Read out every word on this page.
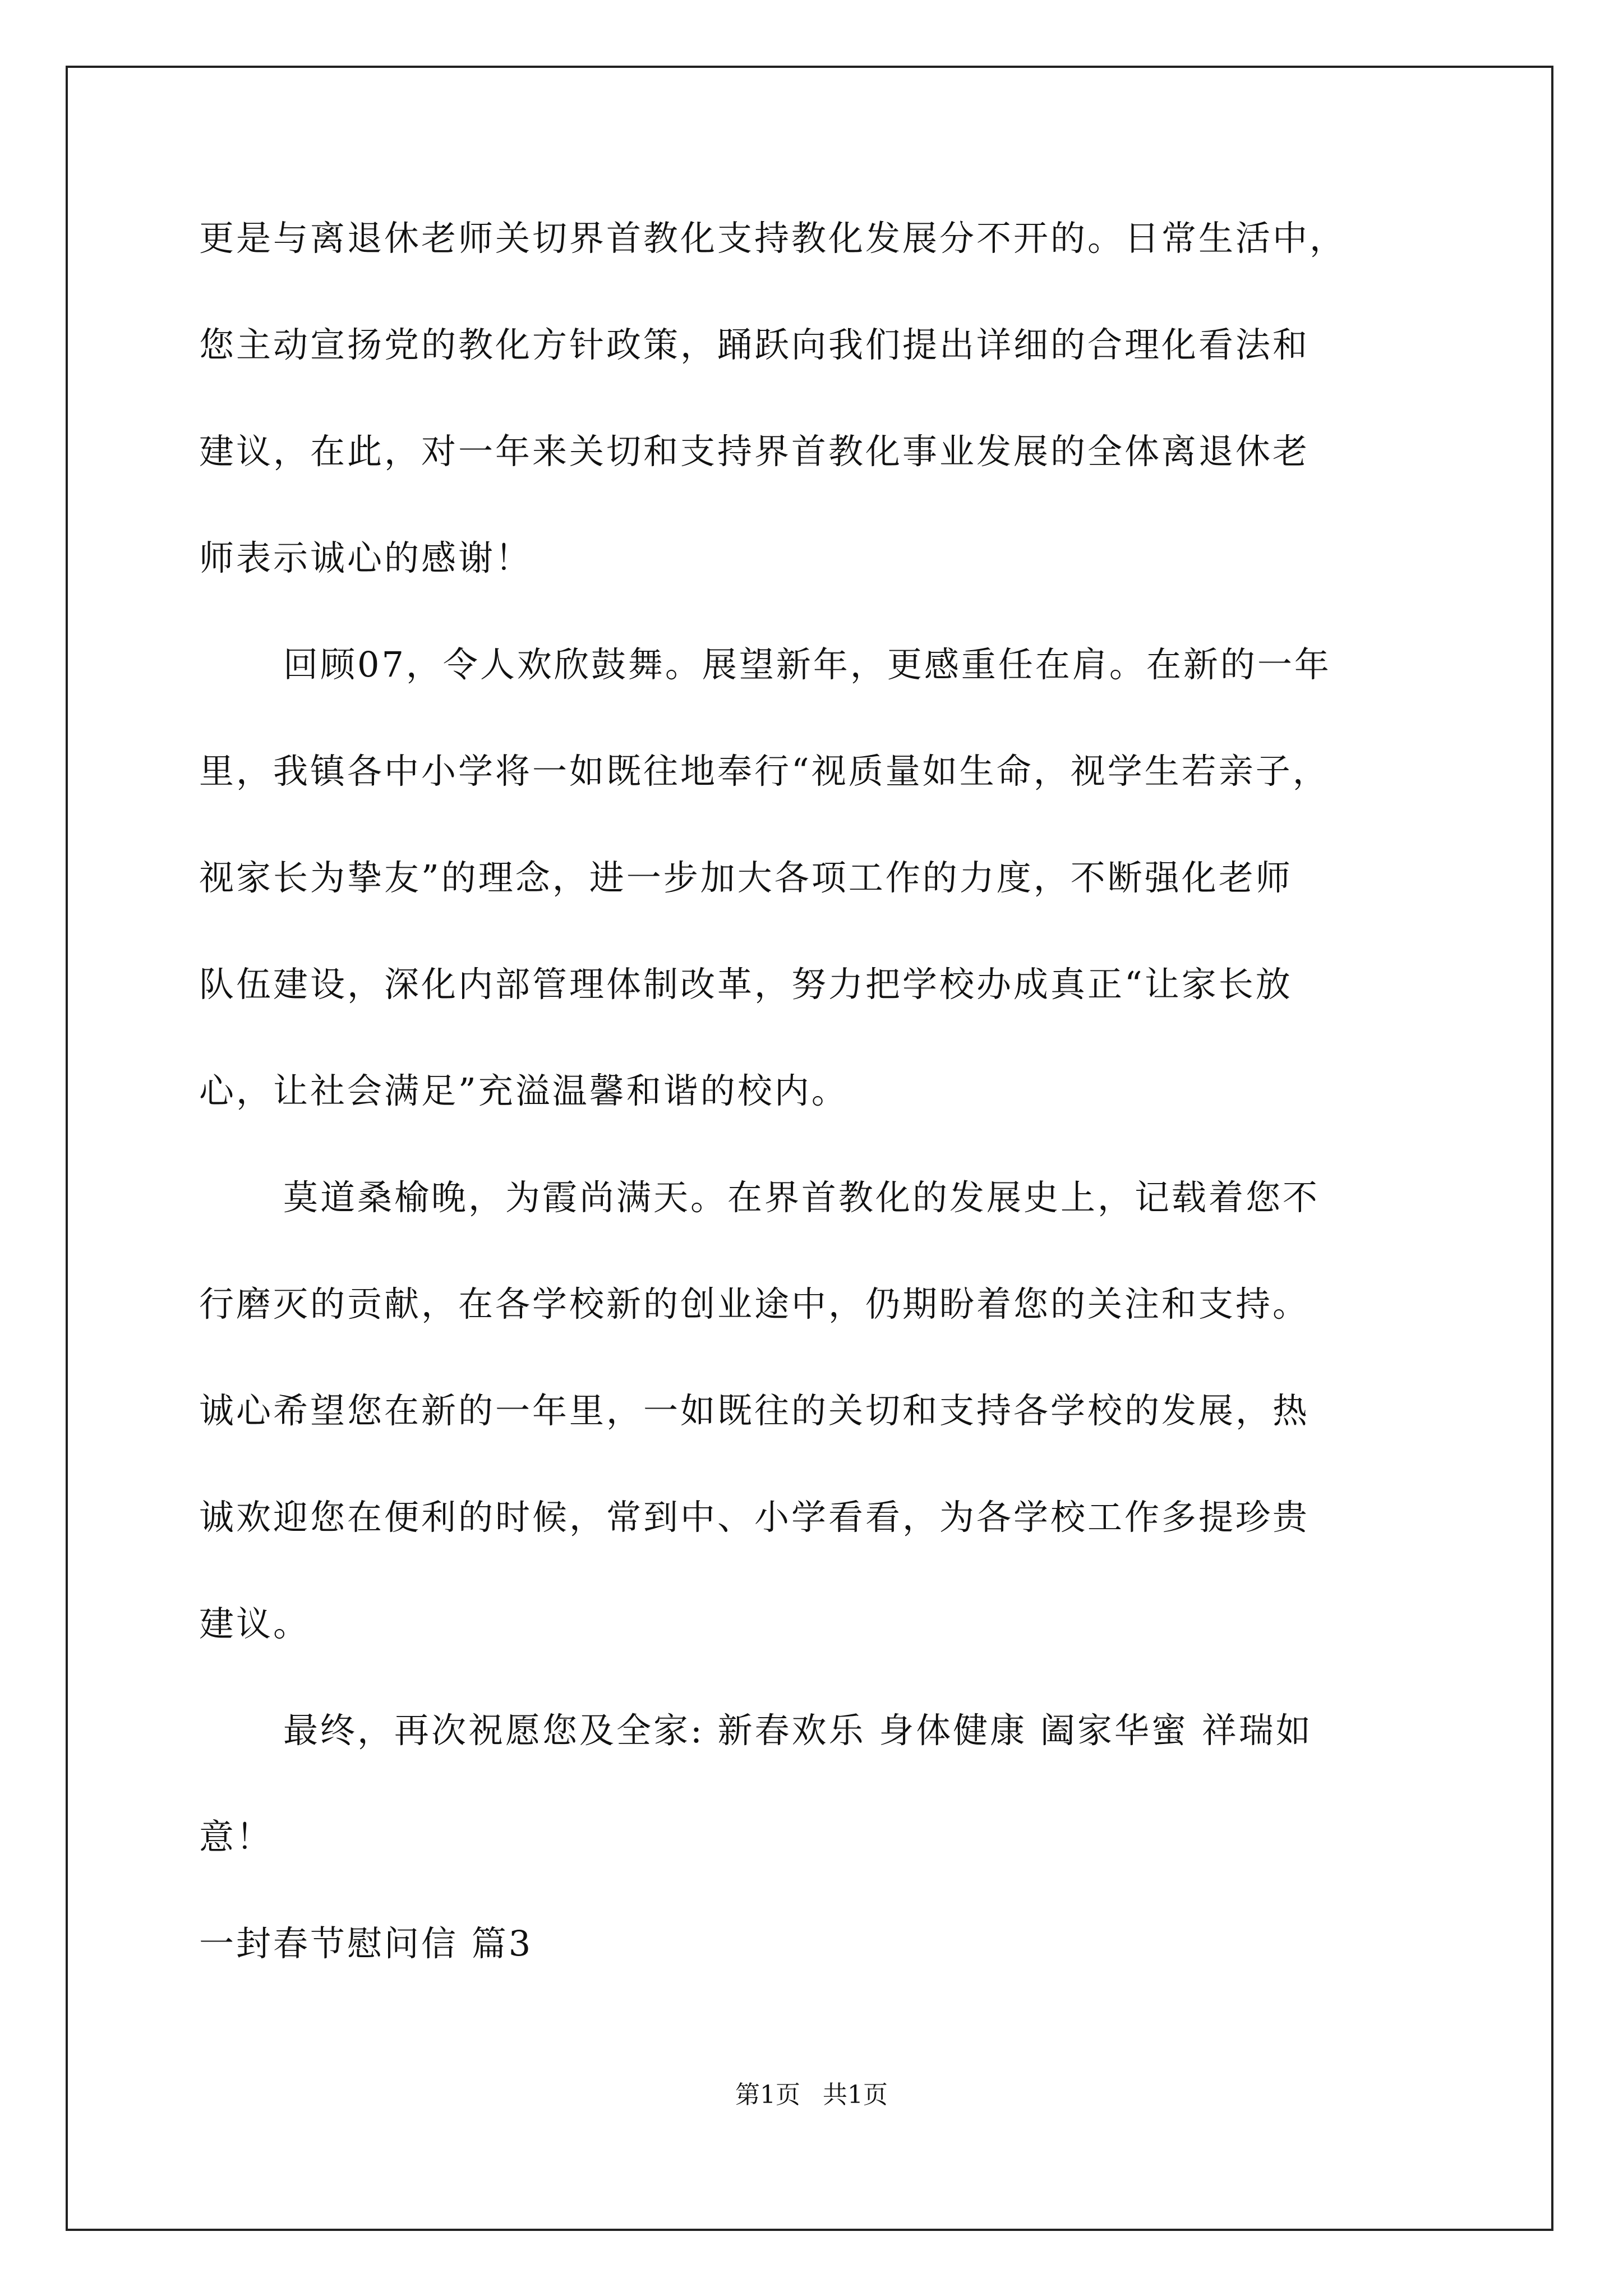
更是与离退休老师关切界首教化支持教化发展分不开的。日常生活中，
您主动宣扬党的教化方针政策，踊跃向我们提出详细的合理化看法和
建议，在此，对一年来关切和支持界首教化事业发展的全体离退休老
师表示诚心的感谢！
回顾07，令人欢欣鼓舞。展望新年，更感重任在肩。在新的一年
里，我镇各中小学将一如既往地奉行“视质量如生命，视学生若亲子，
视家长为挚友”的理念，进一步加大各项工作的力度，不断强化老师
队伍建设，深化内部管理体制改革，努力把学校办成真正“让家长放
心，让社会满足”充溢温馨和谐的校内。
莫道桑榆晚，为霞尚满天。在界首教化的发展史上，记载着您不
行磨灭的贡献，在各学校新的创业途中，仍期盼着您的关注和支持。
诚心希望您在新的一年里，一如既往的关切和支持各学校的发展，热
诚欢迎您在便利的时候，常到中、小学看看，为各学校工作多提珍贵
建议。
最终，再次祝愿您及全家: 新春欢乐 身体健康 阖家华蜜 祥瑞如
意！
一封春节慰问信 篇3
第1页 共1页
